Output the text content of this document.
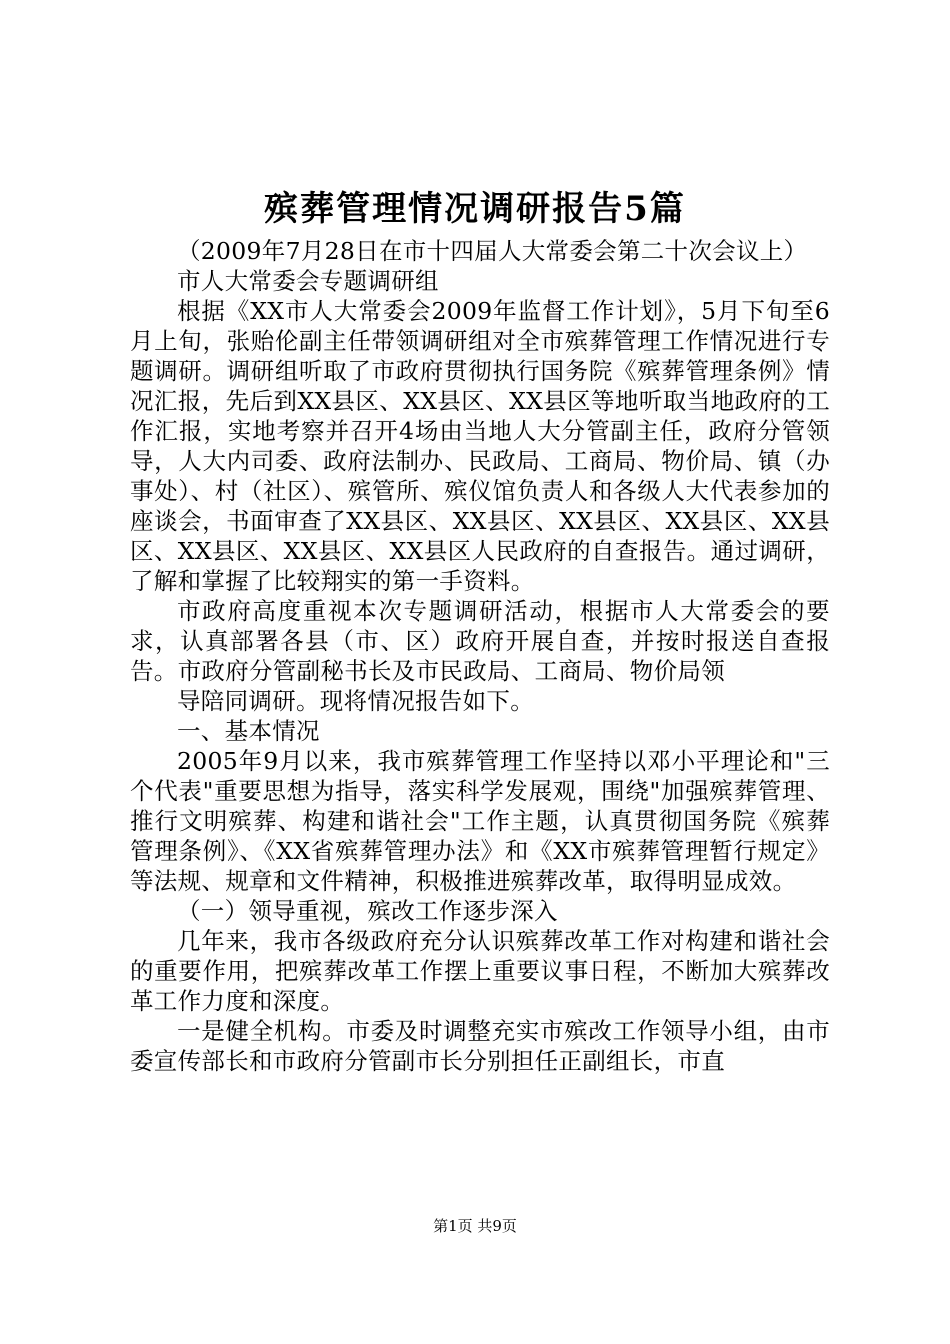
殡葬管理情况调研报告5篇

（2009年7月28日在市十四届人大常委会第二十次会议上）

市人大常委会专题调研组

根据《XX市人大常委会2009年监督工作计划》，5月下旬至6月上旬，张贻伦副主任带领调研组对全市殡葬管理工作情况进行专题调研。调研组听取了市政府贯彻执行国务院《殡葬管理条例》情况汇报，先后到XX县区、XX县区、XX县区等地听取当地政府的工作汇报，实地考察并召开4场由当地人大分管副主任，政府分管领导，人大内司委、政府法制办、民政局、工商局、物价局、镇（办事处）、村（社区）、殡管所、殡仪馆负责人和各级人大代表参加的座谈会，书面审查了XX县区、XX县区、XX县区、XX县区、XX县区、XX县区、XX县区、XX县区人民政府的自查报告。通过调研，了解和掌握了比较翔实的第一手资料。

市政府高度重视本次专题调研活动，根据市人大常委会的要求，认真部署各县（市、区）政府开展自查，并按时报送自查报告。市政府分管副秘书长及市民政局、工商局、物价局领

导陪同调研。现将情况报告如下。

一、基本情况

2005年9月以来，我市殡葬管理工作坚持以邓小平理论和"三个代表"重要思想为指导，落实科学发展观，围绕"加强殡葬管理、推行文明殡葬、构建和谐社会"工作主题，认真贯彻国务院《殡葬管理条例》、《XX省殡葬管理办法》和《XX市殡葬管理暂行规定》等法规、规章和文件精神，积极推进殡葬改革，取得明显成效。

（一）领导重视，殡改工作逐步深入

几年来，我市各级政府充分认识殡葬改革工作对构建和谐社会的重要作用，把殡葬改革工作摆上重要议事日程，不断加大殡葬改革工作力度和深度。

一是健全机构。市委及时调整充实市殡改工作领导小组，由市委宣传部长和市政府分管副市长分别担任正副组长，市直

第1页 共9页
